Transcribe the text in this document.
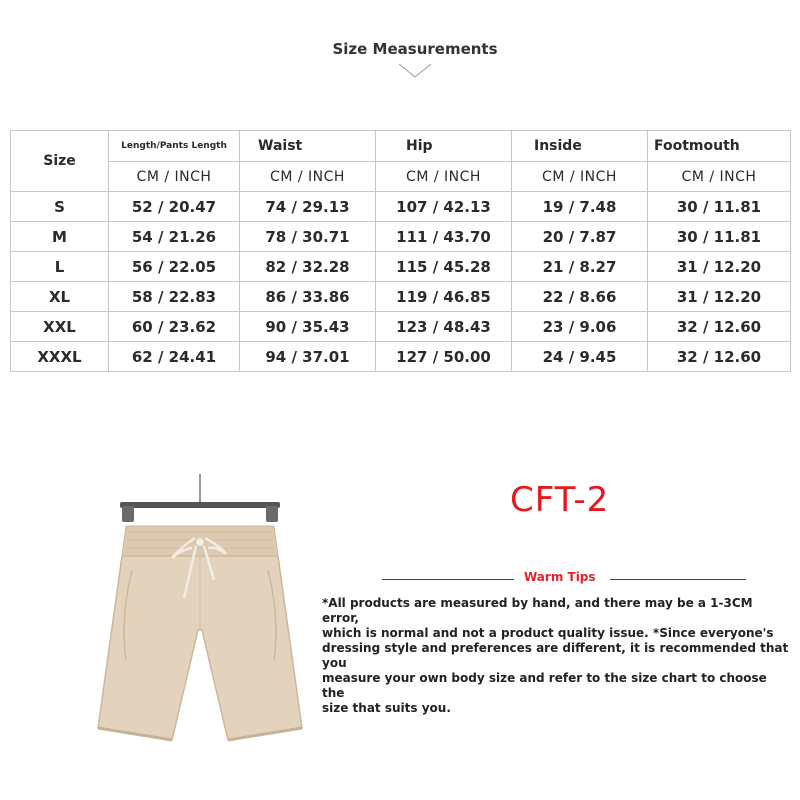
Size Measurements
Size	Length/Pants Length	Waist	Hip	Inside	Footmouth
	CM / INCH	CM / INCH	CM / INCH	CM / INCH	CM / INCH
S	52 / 20.47	74 / 29.13	107 / 42.13	19 / 7.48	30 / 11.81
M	54 / 21.26	78 / 30.71	111 / 43.70	20 / 7.87	30 / 11.81
L	56 / 22.05	82 / 32.28	115 / 45.28	21 / 8.27	31 / 12.20
XL	58 / 22.83	86 / 33.86	119 / 46.85	22 / 8.66	31 / 12.20
XXL	60 / 23.62	90 / 35.43	123 / 48.43	23 / 9.06	32 / 12.60
XXXL	62 / 24.41	94 / 37.01	127 / 50.00	24 / 9.45	32 / 12.60
CFT-2
Warm Tips
*All products are measured by hand, and there may be a 1-3CM error,
which is normal and not a product quality issue. *Since everyone's
dressing style and preferences are different, it is recommended that you
measure your own body size and refer to the size chart to choose the
size that suits you.
